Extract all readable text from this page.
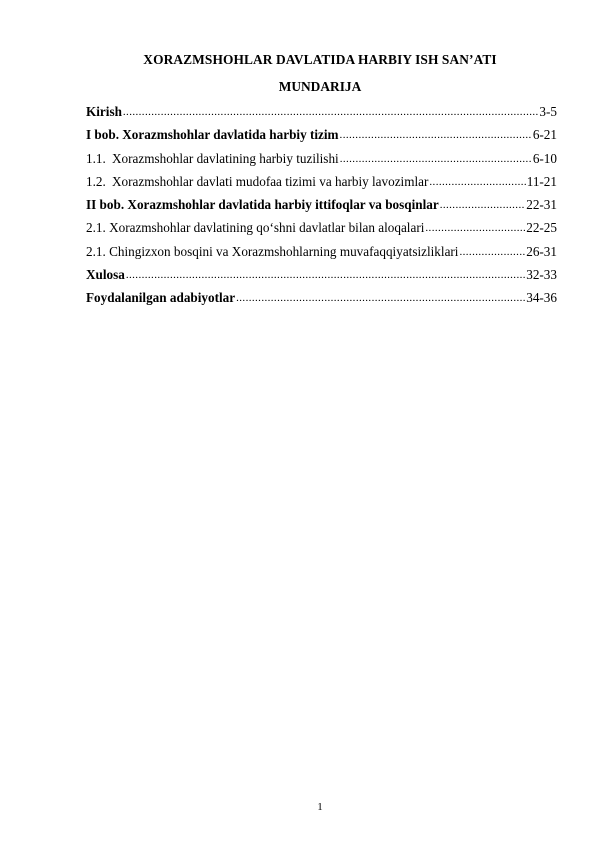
XORAZMSHOHLAR DAVLATIDA HARBIY ISH SAN’ATI
MUNDARIJA
Kirish .....	3-5
I bob. Xorazmshohlar davlatida harbiy tizim .....	6-21
1.1. Xorazmshohlar davlatining harbiy tuzilishi .....	6-10
1.2. Xorazmshohlar davlati mudofaa tizimi va harbiy lavozimlar .....	11-21
II bob. Xorazmshohlar davlatida harbiy ittifoqlar va bosqinlar .....	22-31
2.1. Xorazmshohlar davlatining qo‘shni davlatlar bilan aloqalari .....	22-25
2.1. Chingizxon bosqini va Xorazmshohlarning muvafaqqiyatsizliklari .....	26-31
Xulosa .....	32-33
Foydalanilgan adabiyotlar .....	34-36
1
